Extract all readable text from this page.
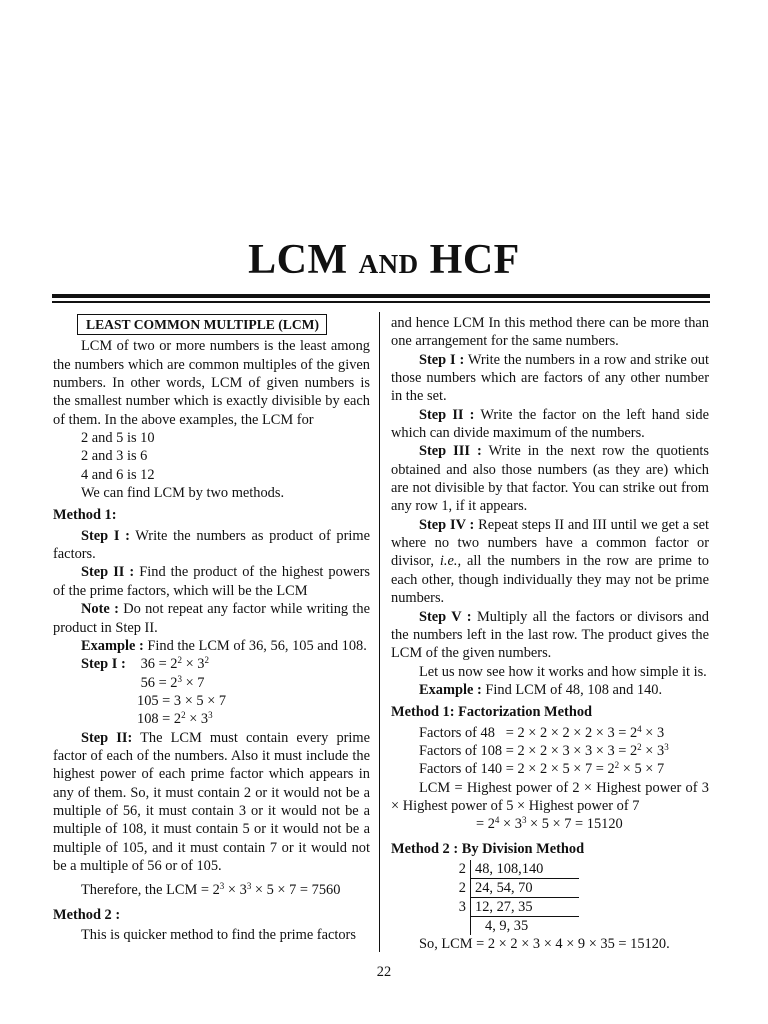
LCM AND HCF
LEAST COMMON MULTIPLE (LCM)

LCM of two or more numbers is the least among the numbers which are common multiples of the given numbers. In other words, LCM of given numbers is the smallest number which is exactly divisible by each of them. In the above examples, the LCM for

2 and 5 is 10

2 and 3 is 6

4 and 6 is 12

We can find LCM by two methods.

Method 1:

Step I : Write the numbers as product of prime factors.

Step II : Find the product of the highest powers of the prime factors, which will be the LCM

Note : Do not repeat any factor while writing the product in Step II.

Example : Find the LCM of 36, 56, 105 and 108.

Step I : $36 = 2^2 \times 3^2$
$56 = 2^3 \times 7$
105 = 3 × 5 × 7
$108 = 2^2 \times 3^3$

Step II: The LCM must contain every prime factor of each of the numbers. Also it must include the highest power of each prime factor which appears in any of them. So, it must contain 2 or it would not be a multiple of 56, it must contain 3 or it would not be a multiple of 108, it must contain 5 or it would not be a multiple of 105, and it must contain 7 or it would not be a multiple of 56 or of 105.

Therefore, the LCM = $2^3 \times 3^3 \times 5 \times 7 = 7560$

Method 2 :

This is quicker method to find the prime factors

and hence LCM In this method there can be more than one arrangement for the same numbers.

Step I : Write the numbers in a row and strike out those numbers which are factors of any other number in the set.

Step II : Write the factor on the left hand side which can divide maximum of the numbers.

Step III : Write in the next row the quotients obtained and also those numbers (as they are) which are not divisible by that factor. You can strike out from any row 1, if it appears.

Step IV : Repeat steps II and III until we get a set where no two numbers have a common factor or divisor, i.e., all the numbers in the row are prime to each other, though individually they may not be prime numbers.

Step V : Multiply all the factors or divisors and the numbers left in the last row. The product gives the LCM of the given numbers.

Let us now see how it works and how simple it is.

Example : Find LCM of 48, 108 and 140.

Method 1: Factorization Method

Factors of $48 = 2 \times 2 \times 2 \times 2 \times 3 = 2^4 \times 3$

Factors of $108 = 2 \times 2 \times 3 \times 3 \times 3 = 2^2 \times 3^3$

Factors of $140 = 2 \times 2 \times 5 \times 7 = 2^2 \times 5 \times 7$

LCM = Highest power of 2 × Highest power of 3 × Highest power of 5 × Highest power of 7

= $2^4 \times 3^3 \times 5 \times 7 = 15120$

Method 2 : By Division Method

2	48, 108,140
2	24, 54, 70
3	12, 27, 35
	4, 9, 35

So, LCM = 2 × 2 × 3 × 4 × 9 × 35 = 15120.

22
